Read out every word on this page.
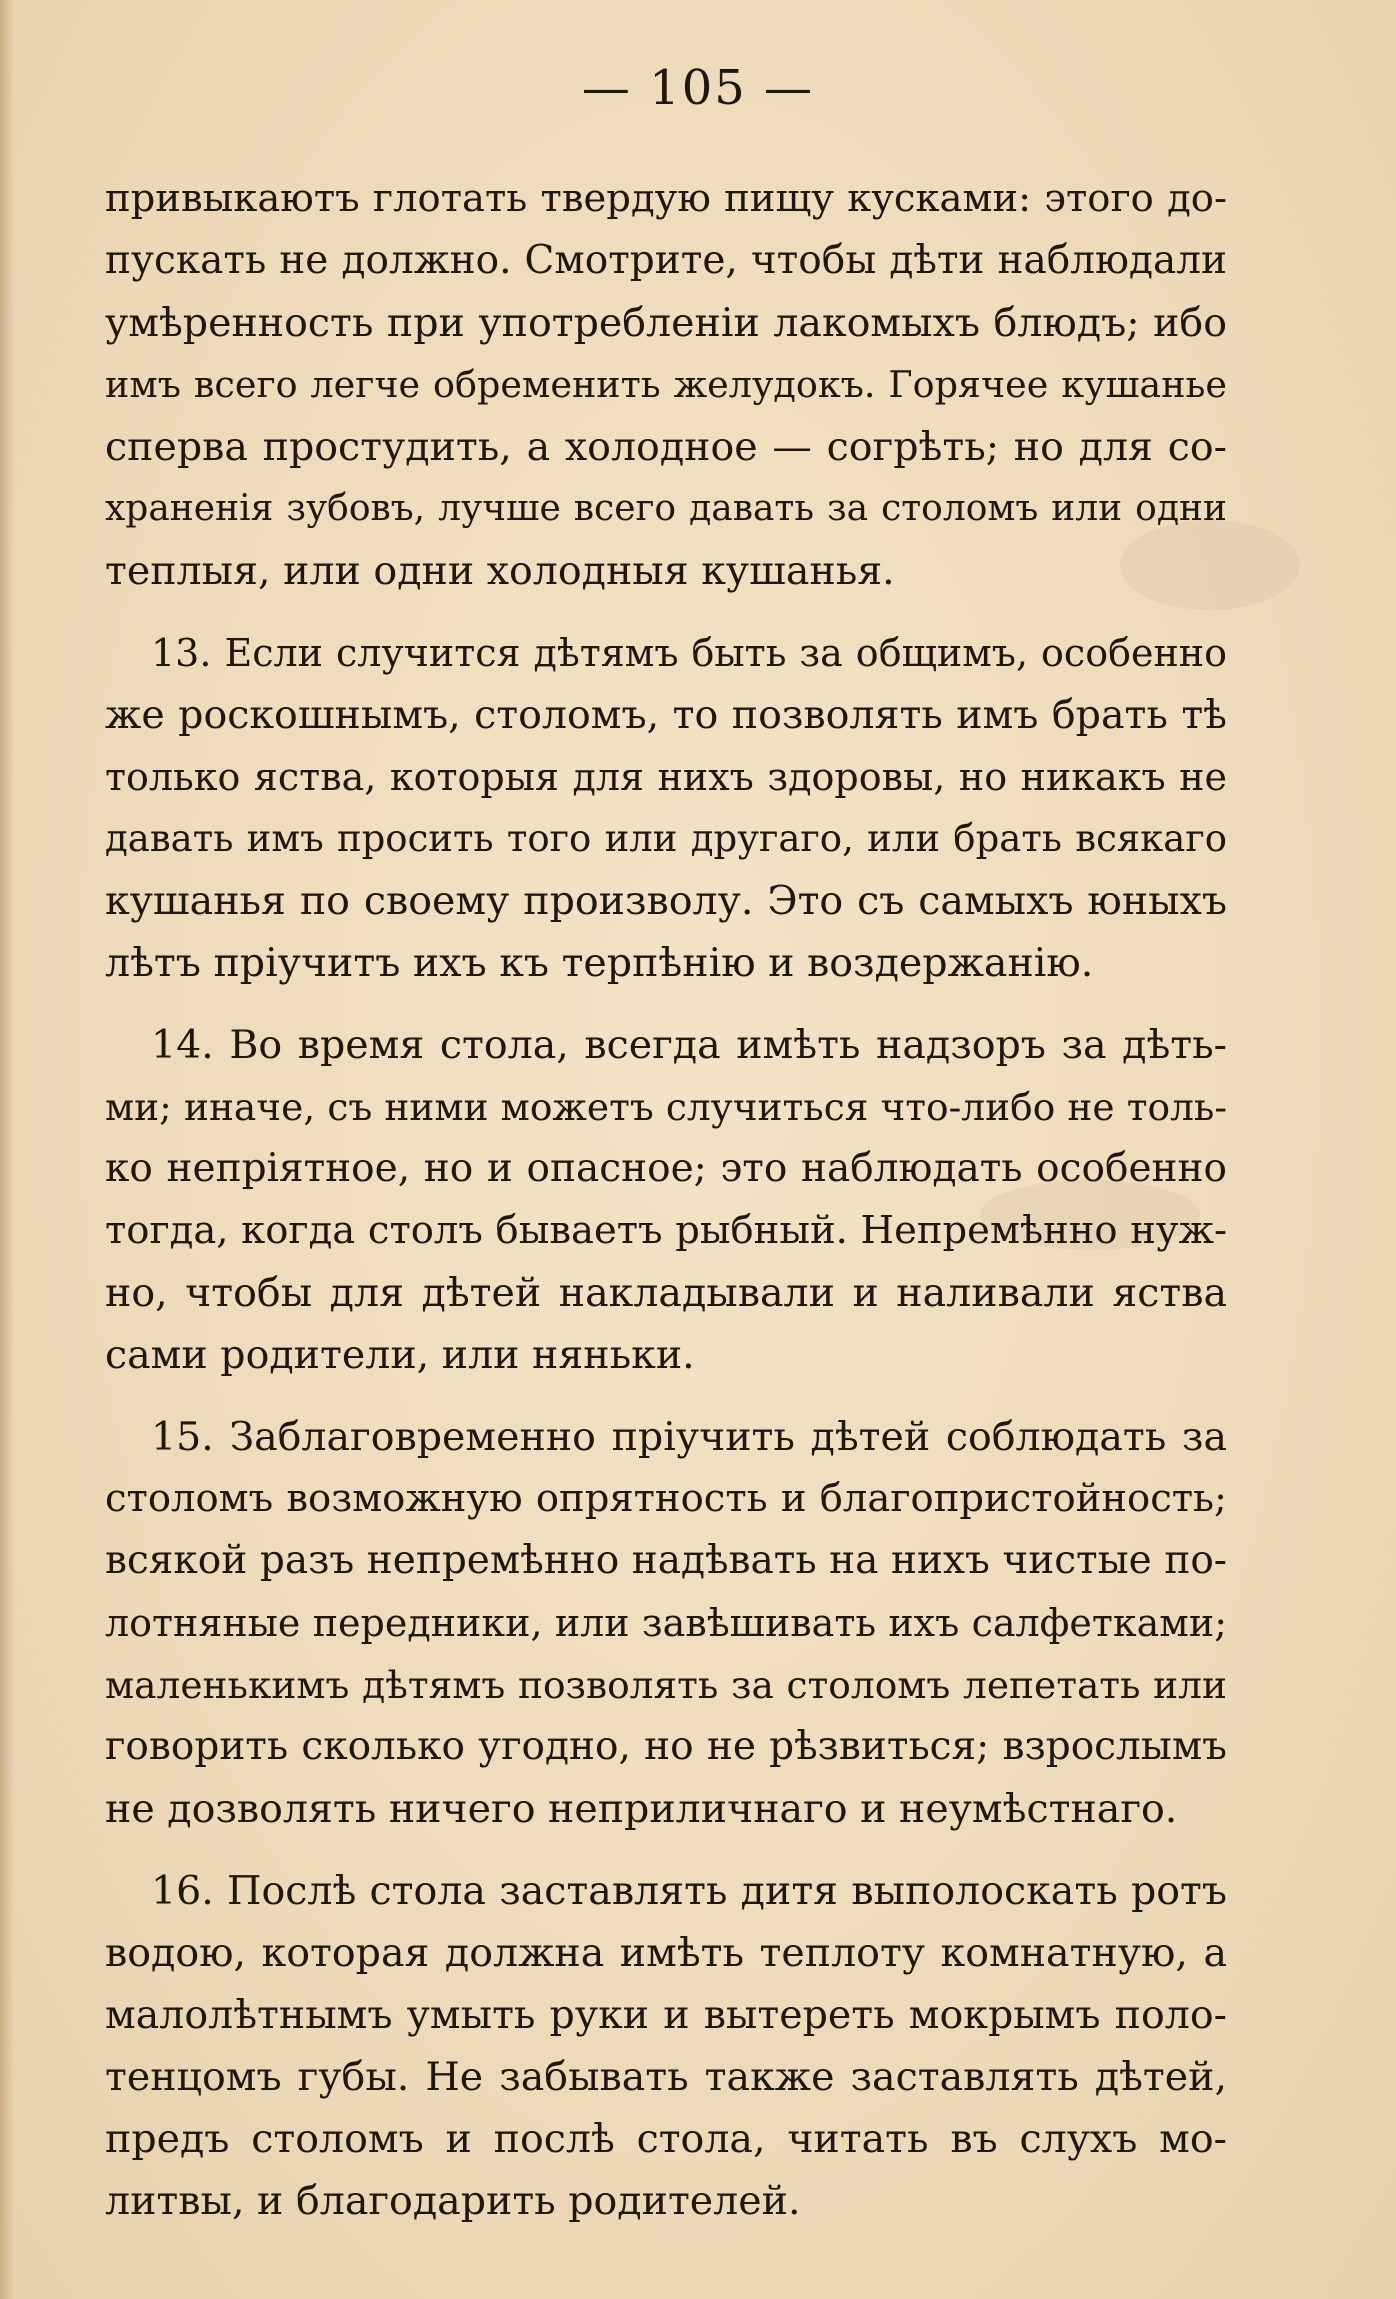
— 105 —
привыкаютъ глотать твердую пищу кусками: этого до-
пускать не должно. Смотрите, чтобы дѣти наблюдали
умѣренность при употребленіи лакомыхъ блюдъ; ибо
имъ всего легче обременить желудокъ. Горячее кушанье
сперва простудить, а холодное — согрѣть; но для со-
храненія зубовъ, лучше всего давать за столомъ или одни
теплыя, или одни холодныя кушанья.
13. Если случится дѣтямъ быть за общимъ, особенно
же роскошнымъ, столомъ, то позволять имъ брать тѣ
только яства, которыя для нихъ здоровы, но никакъ не
давать имъ просить того или другаго, или брать всякаго
кушанья по своему произволу. Это съ самыхъ юныхъ
лѣтъ пріучитъ ихъ къ терпѣнію и воздержанію.
14. Во время стола, всегда имѣть надзоръ за дѣть-
ми; иначе, съ ними можетъ случиться что-либо не толь-
ко непріятное, но и опасное; это наблюдать особенно
тогда, когда столъ бываетъ рыбный. Непремѣнно нуж-
но, чтобы для дѣтей накладывали и наливали яства
сами родители, или няньки.
15. Заблаговременно пріучить дѣтей соблюдать за
столомъ возможную опрятность и благопристойность;
всякой разъ непремѣнно надѣвать на нихъ чистые по-
лотняные передники, или завѣшивать ихъ салфетками;
маленькимъ дѣтямъ позволять за столомъ лепетать или
говорить сколько угодно, но не рѣзвиться; взрослымъ
не дозволять ничего неприличнаго и неумѣстнаго.
16. Послѣ стола заставлять дитя выполоскать ротъ
водою, которая должна имѣть теплоту комнатную, а
малолѣтнымъ умыть руки и вытереть мокрымъ поло-
тенцомъ губы. Не забывать также заставлять дѣтей,
предъ столомъ и послѣ стола, читать въ слухъ мо-
литвы, и благодарить родителей.
